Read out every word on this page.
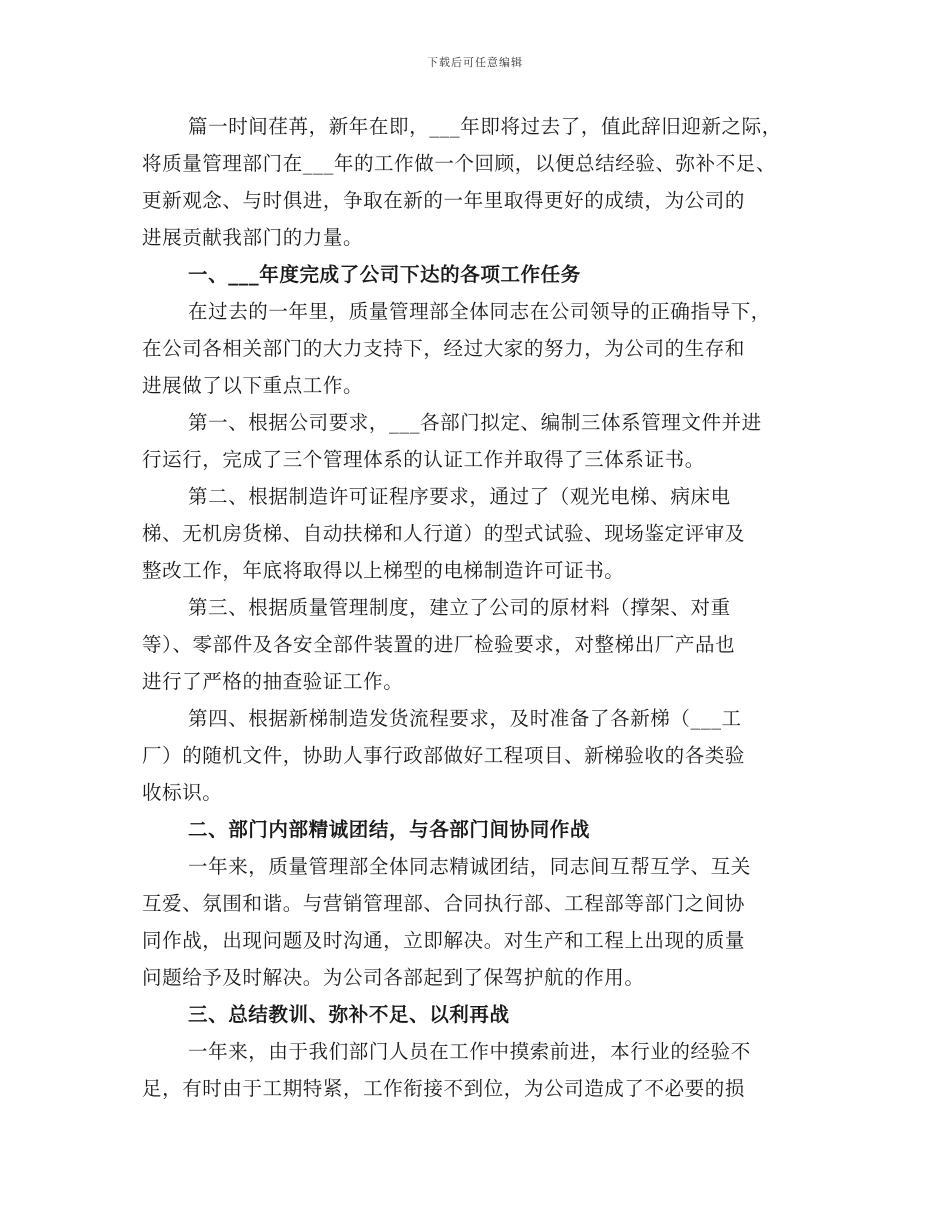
下载后可任意编辑
篇一时间荏苒，新年在即，___年即将过去了，值此辞旧迎新之际，
将质量管理部门在___年的工作做一个回顾，以便总结经验、弥补不足、
更新观念、与时俱进，争取在新的一年里取得更好的成绩，为公司的
进展贡献我部门的力量。
一、___年度完成了公司下达的各项工作任务
在过去的一年里，质量管理部全体同志在公司领导的正确指导下，
在公司各相关部门的大力支持下，经过大家的努力，为公司的生存和
进展做了以下重点工作。
第一、根据公司要求，___各部门拟定、编制三体系管理文件并进
行运行，完成了三个管理体系的认证工作并取得了三体系证书。
第二、根据制造许可证程序要求，通过了（观光电梯、病床电
梯、无机房货梯、自动扶梯和人行道）的型式试验、现场鉴定评审及
整改工作，年底将取得以上梯型的电梯制造许可证书。
第三、根据质量管理制度，建立了公司的原材料（撑架、对重
等）、零部件及各安全部件装置的进厂检验要求，对整梯出厂产品也
进行了严格的抽查验证工作。
第四、根据新梯制造发货流程要求，及时准备了各新梯（___工
厂）的随机文件，协助人事行政部做好工程项目、新梯验收的各类验
收标识。
二、部门内部精诚团结，与各部门间协同作战
一年来，质量管理部全体同志精诚团结，同志间互帮互学、互关
互爱、氛围和谐。与营销管理部、合同执行部、工程部等部门之间协
同作战，出现问题及时沟通，立即解决。对生产和工程上出现的质量
问题给予及时解决。为公司各部起到了保驾护航的作用。
三、总结教训、弥补不足、以利再战
一年来，由于我们部门人员在工作中摸索前进，本行业的经验不
足，有时由于工期特紧，工作衔接不到位，为公司造成了不必要的损
